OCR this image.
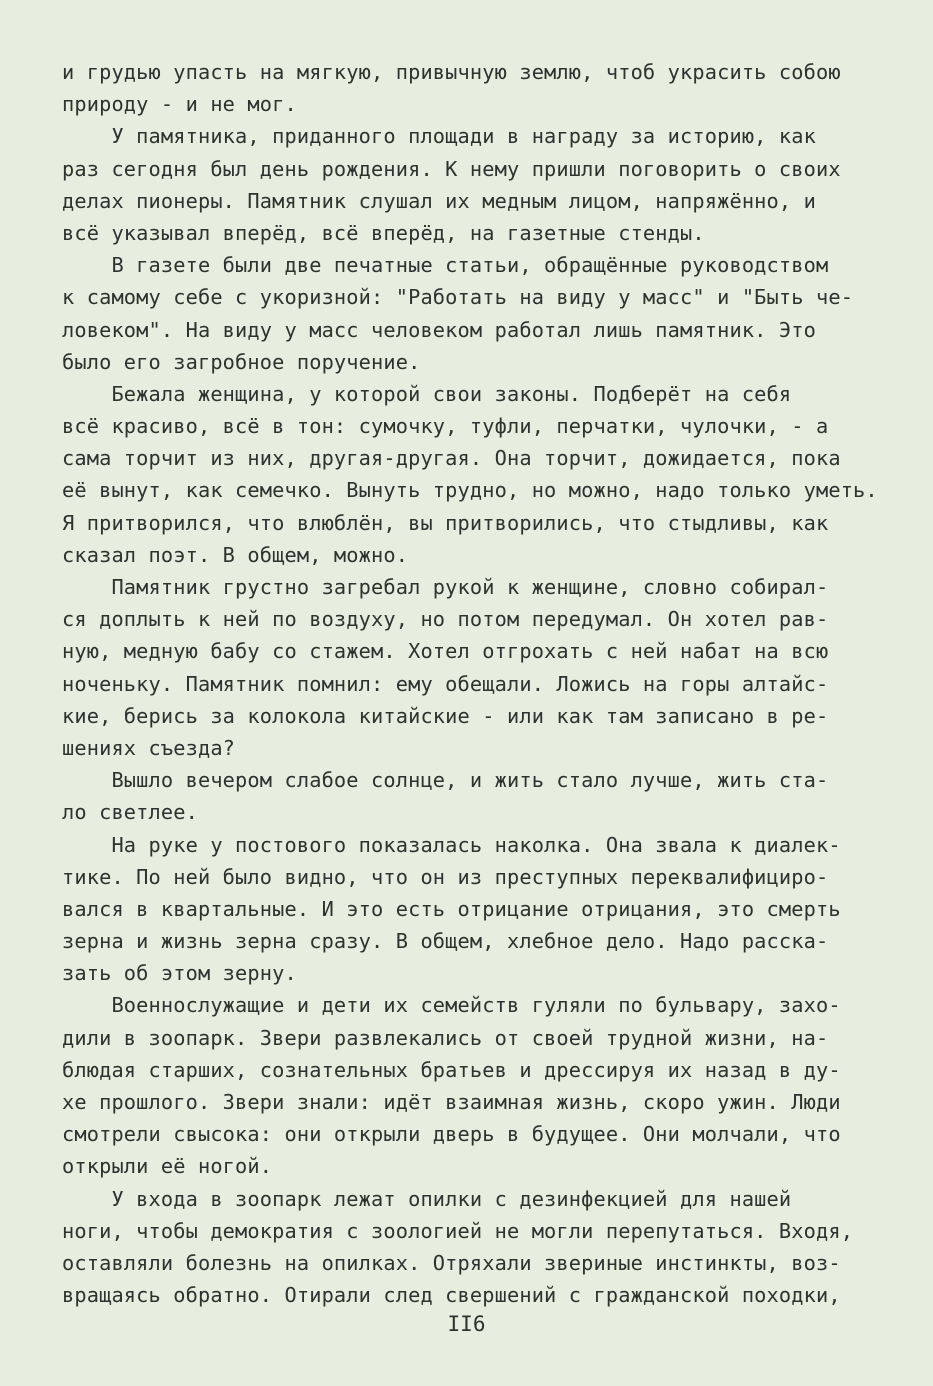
и грудью упасть на мягкую, привычную землю, чтоб украсить собою
природу - и не мог.

У памятника, приданного площади в награду за историю, как
раз сегодня был день рождения. К нему пришли поговорить о своих
делах пионеры. Памятник слушал их медным лицом, напряжённо, и
всё указывал вперёд, всё вперёд, на газетные стенды.

В газете были две печатные статьи, обращённые руководством
к самому себе с укоризной: "Работать на виду у масс" и "Быть че-
ловеком". На виду у масс человеком работал лишь памятник. Это
было его загробное поручение.

Бежала женщина, у которой свои законы. Подберёт на себя
всё красиво, всё в тон: сумочку, туфли, перчатки, чулочки, - а
сама торчит из них, другая-другая. Она торчит, дожидается, пока
её вынут, как семечко. Вынуть трудно, но можно, надо только уметь.
Я притворился, что влюблён, вы притворились, что стыдливы, как
сказал поэт. В общем, можно.

Памятник грустно загребал рукой к женщине, словно собирал-
ся доплыть к ней по воздуху, но потом передумал. Он хотел рав-
ную, медную бабу со стажем. Хотел отгрохать с ней набат на всю
ноченьку. Памятник помнил: ему обещали. Ложись на горы алтайс-
кие, берись за колокола китайские - или как там записано в ре-
шениях съезда?

Вышло вечером слабое солнце, и жить стало лучше, жить ста-
ло светлее.

На руке у постового показалась наколка. Она звала к диалек-
тике. По ней было видно, что он из преступных переквалифициро-
вался в квартальные. И это есть отрицание отрицания, это смерть
зерна и жизнь зерна сразу. В общем, хлебное дело. Надо расска-
зать об этом зерну.

Военнослужащие и дети их семейств гуляли по бульвару, захо-
дили в зоопарк. Звери развлекались от своей трудной жизни, на-
блюдая старших, сознательных братьев и дрессируя их назад в ду-
хе прошлого. Звери знали: идёт взаимная жизнь, скоро ужин. Люди
смотрели свысока: они открыли дверь в будущее. Они молчали, что
открыли её ногой.

У входа в зоопарк лежат опилки с дезинфекцией для нашей
ноги, чтобы демократия с зоологией не могли перепутаться. Входя,
оставляли болезнь на опилках. Отряхали звериные инстинкты, воз-
вращаясь обратно. Отирали след свершений с гражданской походки,

II6
